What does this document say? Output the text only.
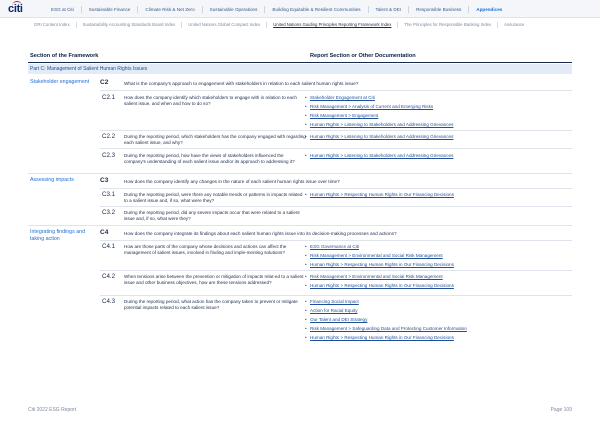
citi	ESG at Citi	Sustainable Finance	Climate Risk & Net Zero	Sustainable Operations	Building Equitable & Resilient Communities	Talent & DEI	Responsible Business	Appendices
GRI Content Index	Sustainability Accounting Standards Board Index	United Nations Global Compact Index	United Nations Guiding Principles Reporting Framework Index	The Principles for Responsible Banking Index	Assurance
Section of the Framework	Report Section or Other Documentation
Part C: Management of Salient Human Rights Issues
Stakeholder engagement C2	What is the company's approach to engagement with stakeholders in relation to each salient human rights issue?
C2.1 How does the company identify which stakeholders to engage with in relation to each salient issue, and when and how to do so?
• Stakeholder Engagement at Citi
• Risk Management > Analysis of Current and Emerging Risks
• Risk Management > Engagement
• Human Rights > Listening to Stakeholders and Addressing Grievances
C2.2 During the reporting period, which stakeholders has the company engaged with regarding each salient issue, and why?
• Human Rights > Listening to Stakeholders and Addressing Grievances
C2.3 During the reporting period, how have the views of stakeholders influenced the company's understanding of each salient issue and/or its approach to addressing it?
• Human Rights > Listening to Stakeholders and Addressing Grievances
Assessing impacts	C3	How does the company identify any changes in the nature of each salient human rights issue over time?
C3.1 During the reporting period, were there any notable trends or patterns in impacts related to a salient issue and, if so, what were they?
• Human Rights > Respecting Human Rights in Our Financing Decisions
C3.2 During the reporting period, did any severe impacts occur that were related to a salient issue and, if so, what were they?
Integrating findings and taking action
C4	How does the company integrate its findings about each salient human rights issue into its decision-making processes and actions?
C4.1 How are those parts of the company whose decisions and actions can affect the management of salient issues, involved in finding and imple-menting solutions?
• ESG Governance at Citi
• Risk Management > Environmental and Social Risk Management
• Human Rights > Respecting Human Rights in Our Financing Decisions
C4.2 When tensions arise between the prevention or mitigation of impacts relat-ed to a salient issue and other business objectives, how are these tensions addressed?
• Risk Management > Environmental and Social Risk Management
• Human Rights > Respecting Human Rights in Our Financing Decisions
C4.3 During the reporting period, what action has the company taken to prevent or mitigate potential impacts related to each salient issue?
• Financing Social Impact
• Action for Racial Equity
• Our Talent and DEI Strategy
• Risk Management > Safeguarding Data and Protecting Customer Information
• Human Rights > Respecting Human Rights in Our Financing Decisions
Citi 2022 ESG Report	Page 109
